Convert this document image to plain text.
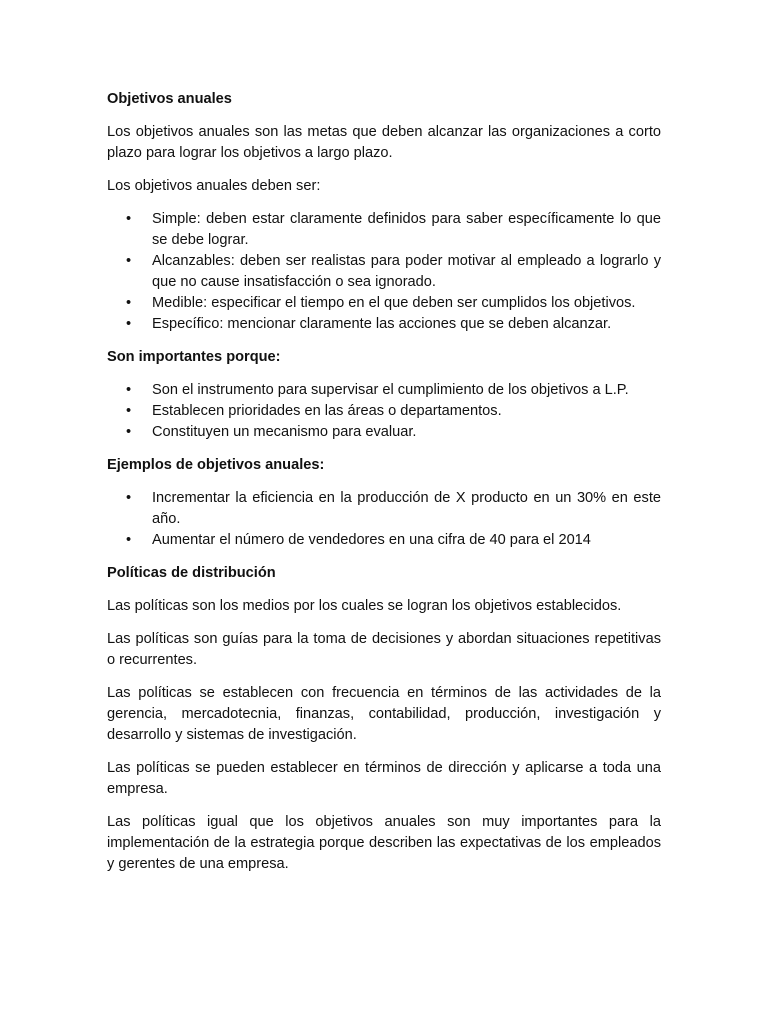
Objetivos anuales

Los objetivos anuales son las metas que deben alcanzar las organizaciones a corto plazo para lograr los objetivos a largo plazo.

Los objetivos anuales deben ser:

• Simple: deben estar claramente definidos para saber específicamente lo que se debe lograr.
• Alcanzables: deben ser realistas para poder motivar al empleado a lograrlo y que no cause insatisfacción o sea ignorado.
• Medible: especificar el tiempo en el que deben ser cumplidos los objetivos.
• Específico: mencionar claramente las acciones que se deben alcanzar.
Son importantes porque:
• Son el instrumento para supervisar el cumplimiento de los objetivos a L.P.
• Establecen prioridades en las áreas o departamentos.
• Constituyen un mecanismo para evaluar.
Ejemplos de objetivos anuales:
• Incrementar la eficiencia en la producción de X producto en un 30% en este año.
• Aumentar el número de vendedores en una cifra de 40 para el 2014
Políticas de distribución

Las políticas son los medios por los cuales se logran los objetivos establecidos.

Las políticas son guías para la toma de decisiones y abordan situaciones repetitivas o recurrentes.

Las políticas se establecen con frecuencia en términos de las actividades de la gerencia, mercadotecnia, finanzas, contabilidad, producción, investigación y desarrollo y sistemas de investigación.

Las políticas se pueden establecer en términos de dirección y aplicarse a toda una empresa.

Las políticas igual que los objetivos anuales son muy importantes para la implementación de la estrategia porque describen las expectativas de los empleados y gerentes de una empresa.
